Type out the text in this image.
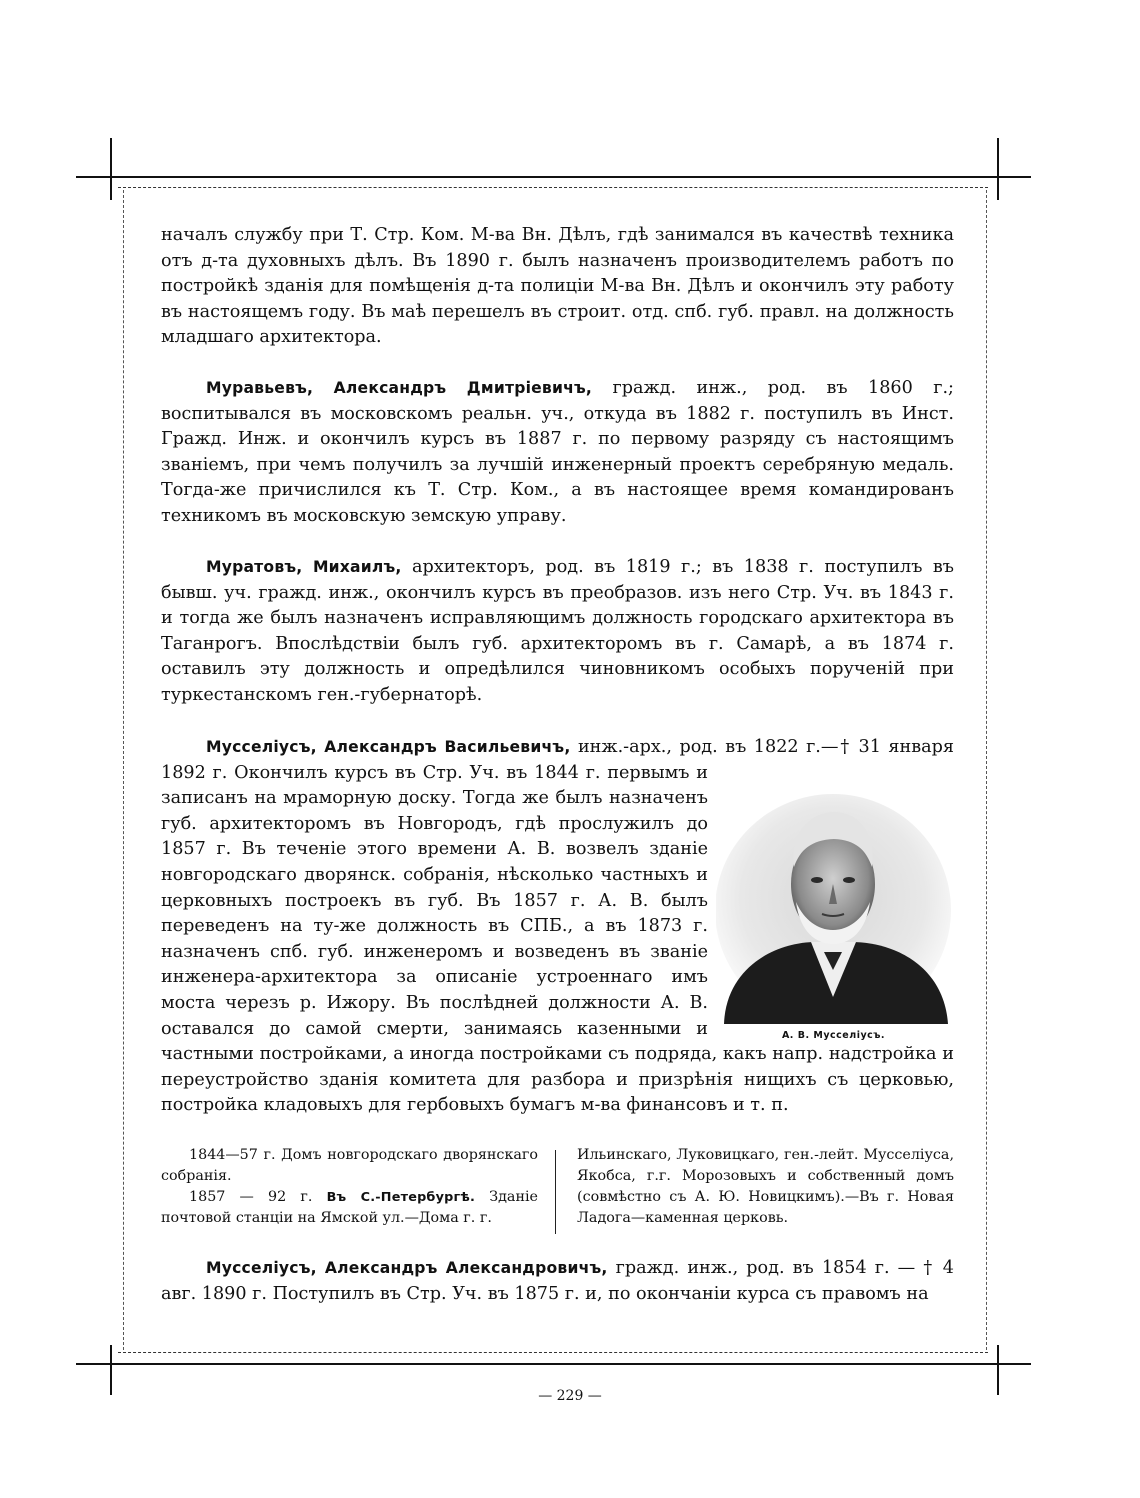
началъ службу при Т. Стр. Ком. М-ва Вн. Дѣлъ, гдѣ занимался въ качествѣ техника отъ д-та духовныхъ дѣлъ. Въ 1890 г. былъ назначенъ производителемъ работъ по постройкѣ зданія для помѣщенія д-та полиціи М-ва Вн. Дѣлъ и окончилъ эту работу въ настоящемъ году. Въ маѣ перешелъ въ строит. отд. спб. губ. правл. на должность младшаго архитектора.

Муравьевъ, Александръ Дмитріевичъ, гражд. инж., род. въ 1860 г.; воспитывался въ московскомъ реальн. уч., откуда въ 1882 г. поступилъ въ Инст. Гражд. Инж. и окончилъ курсъ въ 1887 г. по первому разряду съ настоящимъ званіемъ, при чемъ получилъ за лучшій инженерный проектъ серебряную медаль. Тогда-же причислился къ Т. Стр. Ком., а въ настоящее время командированъ техникомъ въ московскую земскую управу.

Муратовъ, Михаилъ, архитекторъ, род. въ 1819 г.; въ 1838 г. поступилъ въ бывш. уч. гражд. инж., окончилъ курсъ въ преобразов. изъ него Стр. Уч. въ 1843 г. и тогда же былъ назначенъ исправляющимъ должность городскаго архитектора въ Таганрогъ. Впослѣдствіи былъ губ. архитекторомъ въ г. Самарѣ, а въ 1874 г. оставилъ эту должность и опредѣлился чиновникомъ особыхъ порученій при туркестанскомъ ген.-губернаторѣ.

Мусселіусъ, Александръ Васильевичъ, инж.-арх., род. въ 1822 г.—† 31 января 1892 г. Окончилъ курсъ въ Стр. Уч. въ 1844 г. первымъ и записанъ на мраморную доску. Тогда же былъ назначенъ губ. архитекторомъ въ Новгородъ, гдѣ прослужилъ до 1857 г. Въ теченіе этого времени А. В. возвелъ зданіе новгородскаго дворянск. собранія, нѣсколько частныхъ и церковныхъ построекъ въ губ. Въ 1857 г. А. В. былъ переведенъ на ту-же должность въ СПБ., а въ 1873 г. назначенъ спб. губ. инженеромъ и возведенъ въ званіе инженера-архитектора за описаніе устроеннаго имъ моста черезъ р. Ижору. Въ послѣдней должности А. В. оставался до самой смерти, занимаясь казенными и частными постройками, а иногда постройками съ подряда, какъ напр. надстройка и переустройство зданія комитета для разбора и призрѣнія нищихъ съ церковью, постройка кладовыхъ для гербовыхъ бумагъ м-ва финансовъ и т. п.

А. В. Мусселіусъ.

1844—57 г. Домъ новгородскаго дворянскаго собранія.

1857 — 92 г. Въ С.-Петербургѣ. Зданіе почтовой станціи на Ямской ул.—Дома г. г.

Ильинскаго, Луковицкаго, ген.-лейт. Мусселіуса, Якобса, г.г. Морозовыхъ и собственный домъ (совмѣстно съ А. Ю. Новицкимъ).—Въ г. Новая Ладога—каменная церковь.

Мусселіусъ, Александръ Александровичъ, гражд. инж., род. въ 1854 г. — † 4 авг. 1890 г. Поступилъ въ Стр. Уч. въ 1875 г. и, по окончаніи курса съ правомъ на

— 229 —
